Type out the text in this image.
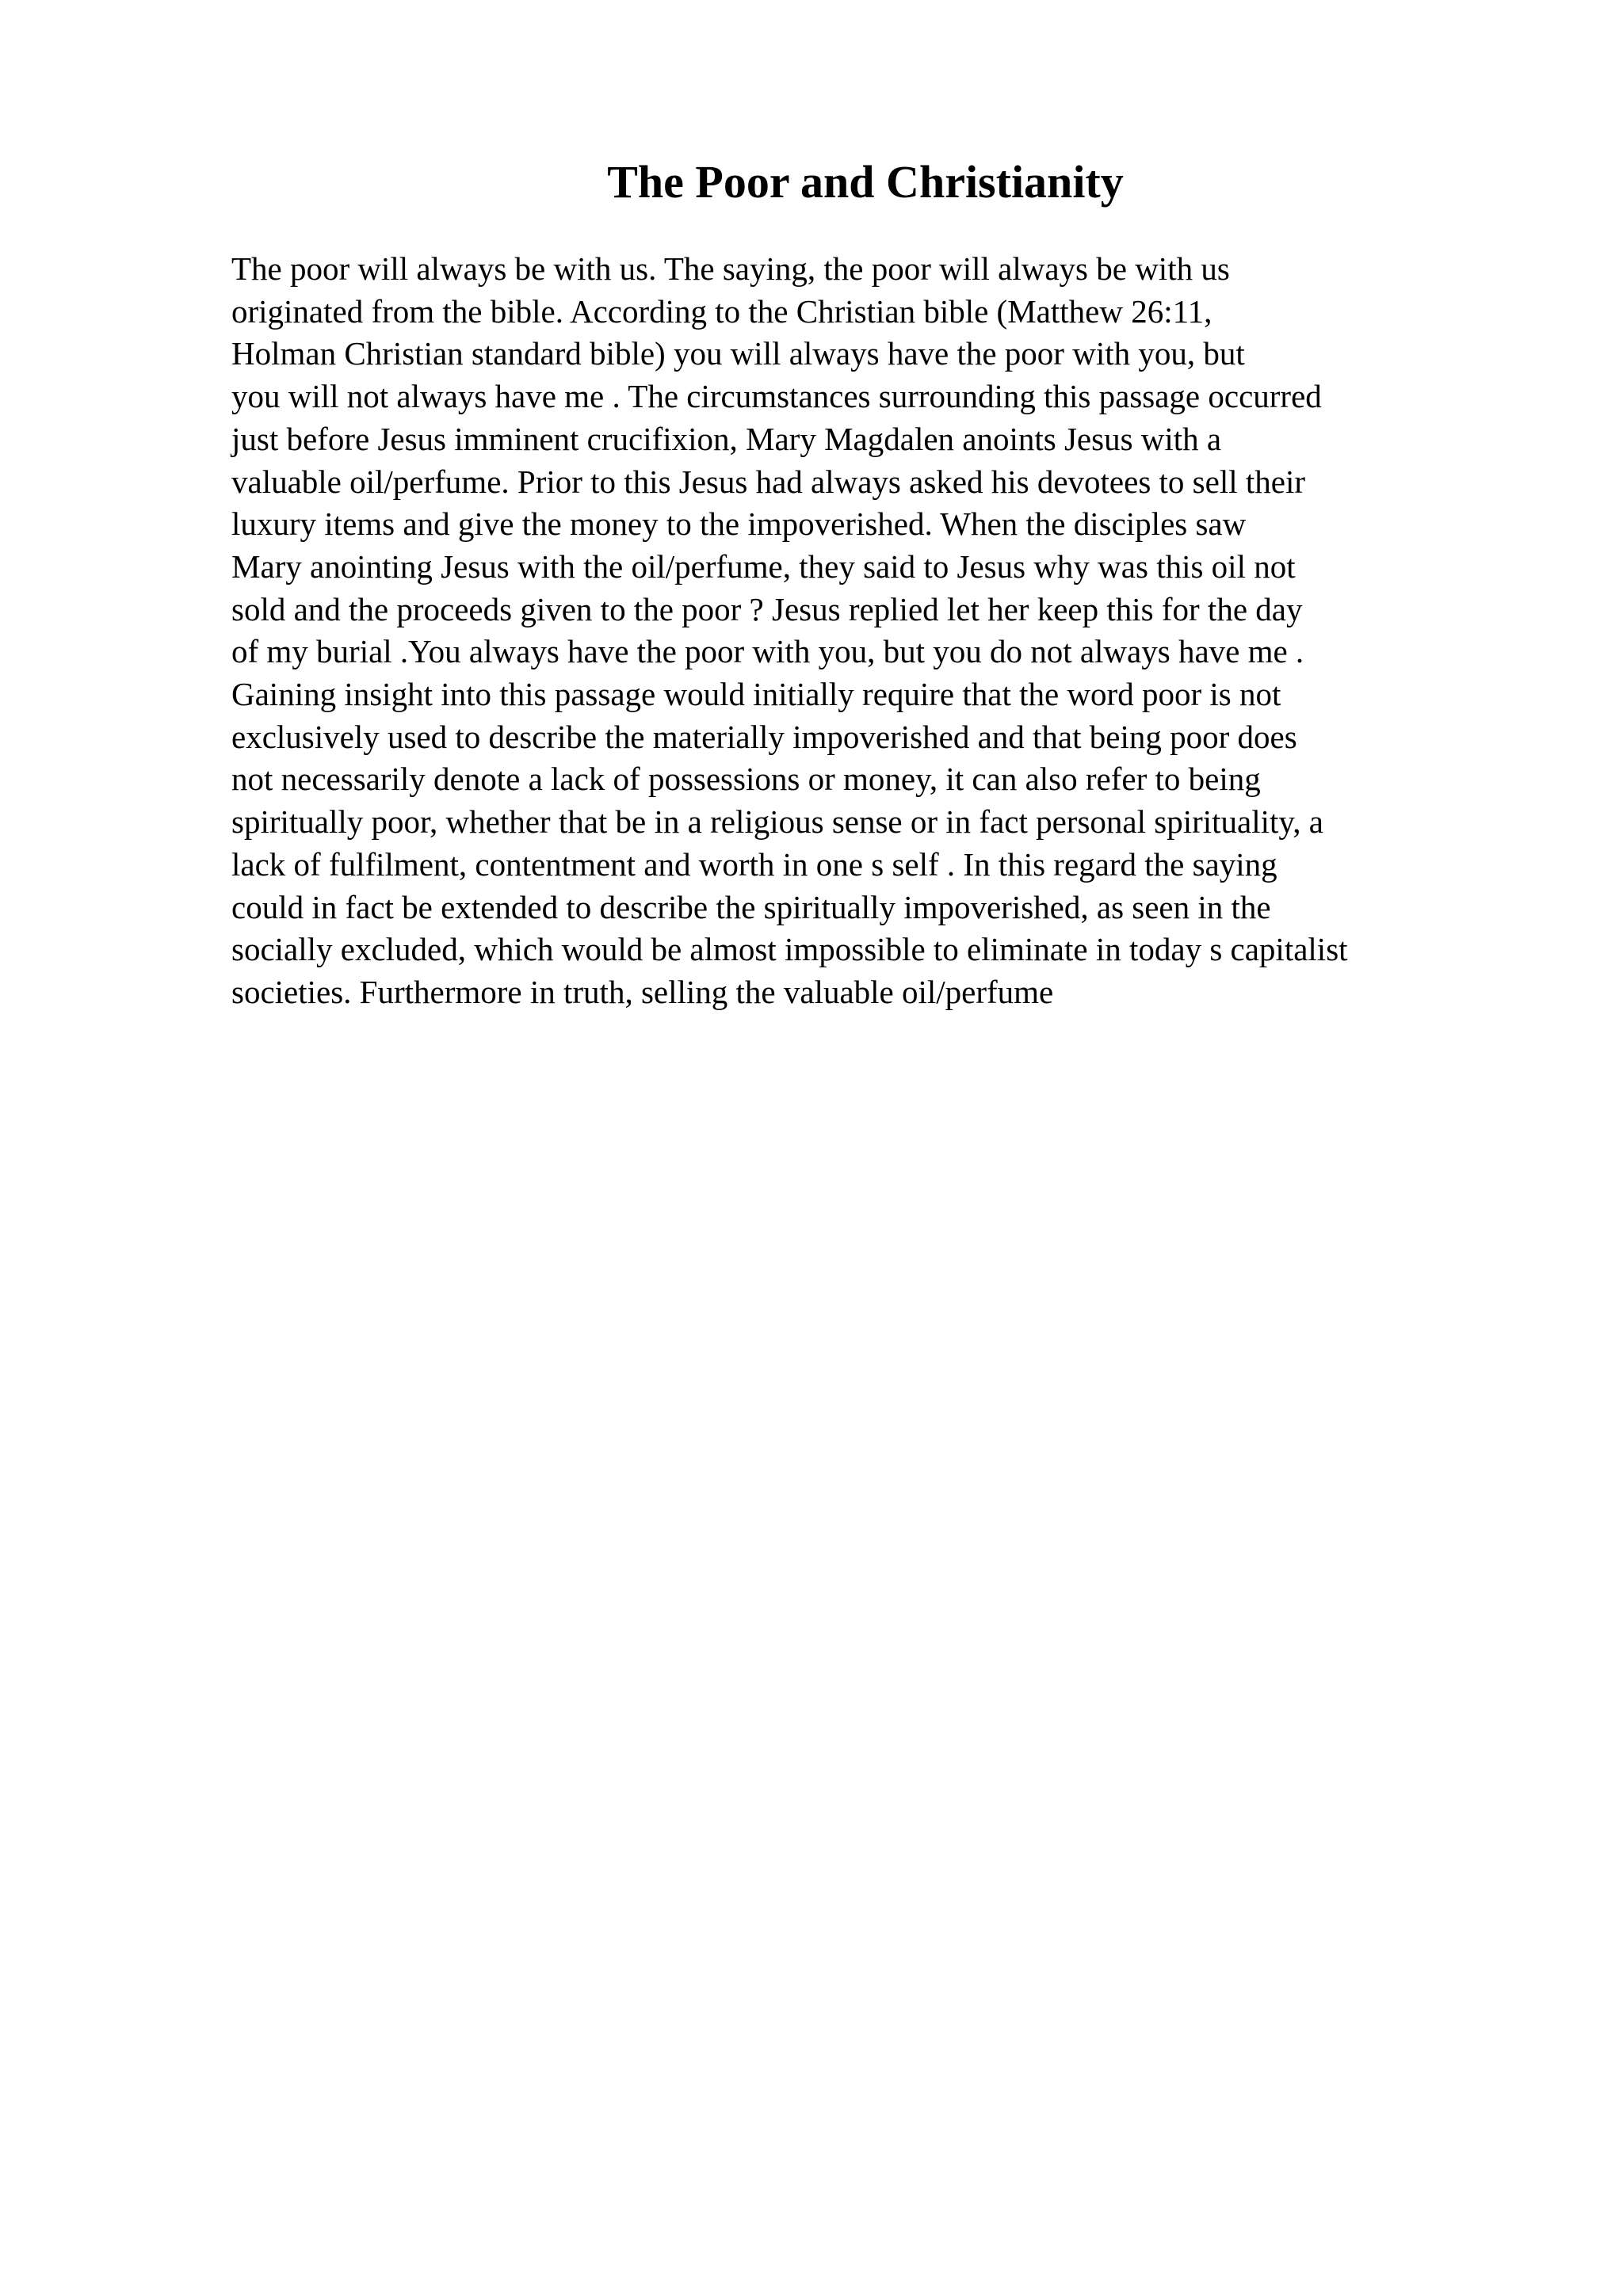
The Poor and Christianity
The poor will always be with us. The saying, the poor will always be with us
originated from the bible. According to the Christian bible (Matthew 26:11,
Holman Christian standard bible) you will always have the poor with you, but
you will not always have me . The circumstances surrounding this passage occurred
just before Jesus imminent crucifixion, Mary Magdalen anoints Jesus with a
valuable oil/perfume. Prior to this Jesus had always asked his devotees to sell their
luxury items and give the money to the impoverished. When the disciples saw
Mary anointing Jesus with the oil/perfume, they said to Jesus why was this oil not
sold and the proceeds given to the poor ? Jesus replied let her keep this for the day
of my burial .You always have the poor with you, but you do not always have me .
Gaining insight into this passage would initially require that the word poor is not
exclusively used to describe the materially impoverished and that being poor does
not necessarily denote a lack of possessions or money, it can also refer to being
spiritually poor, whether that be in a religious sense or in fact personal spirituality, a
lack of fulfilment, contentment and worth in one s self . In this regard the saying
could in fact be extended to describe the spiritually impoverished, as seen in the
socially excluded, which would be almost impossible to eliminate in today s capitalist
societies. Furthermore in truth, selling the valuable oil/perfume
